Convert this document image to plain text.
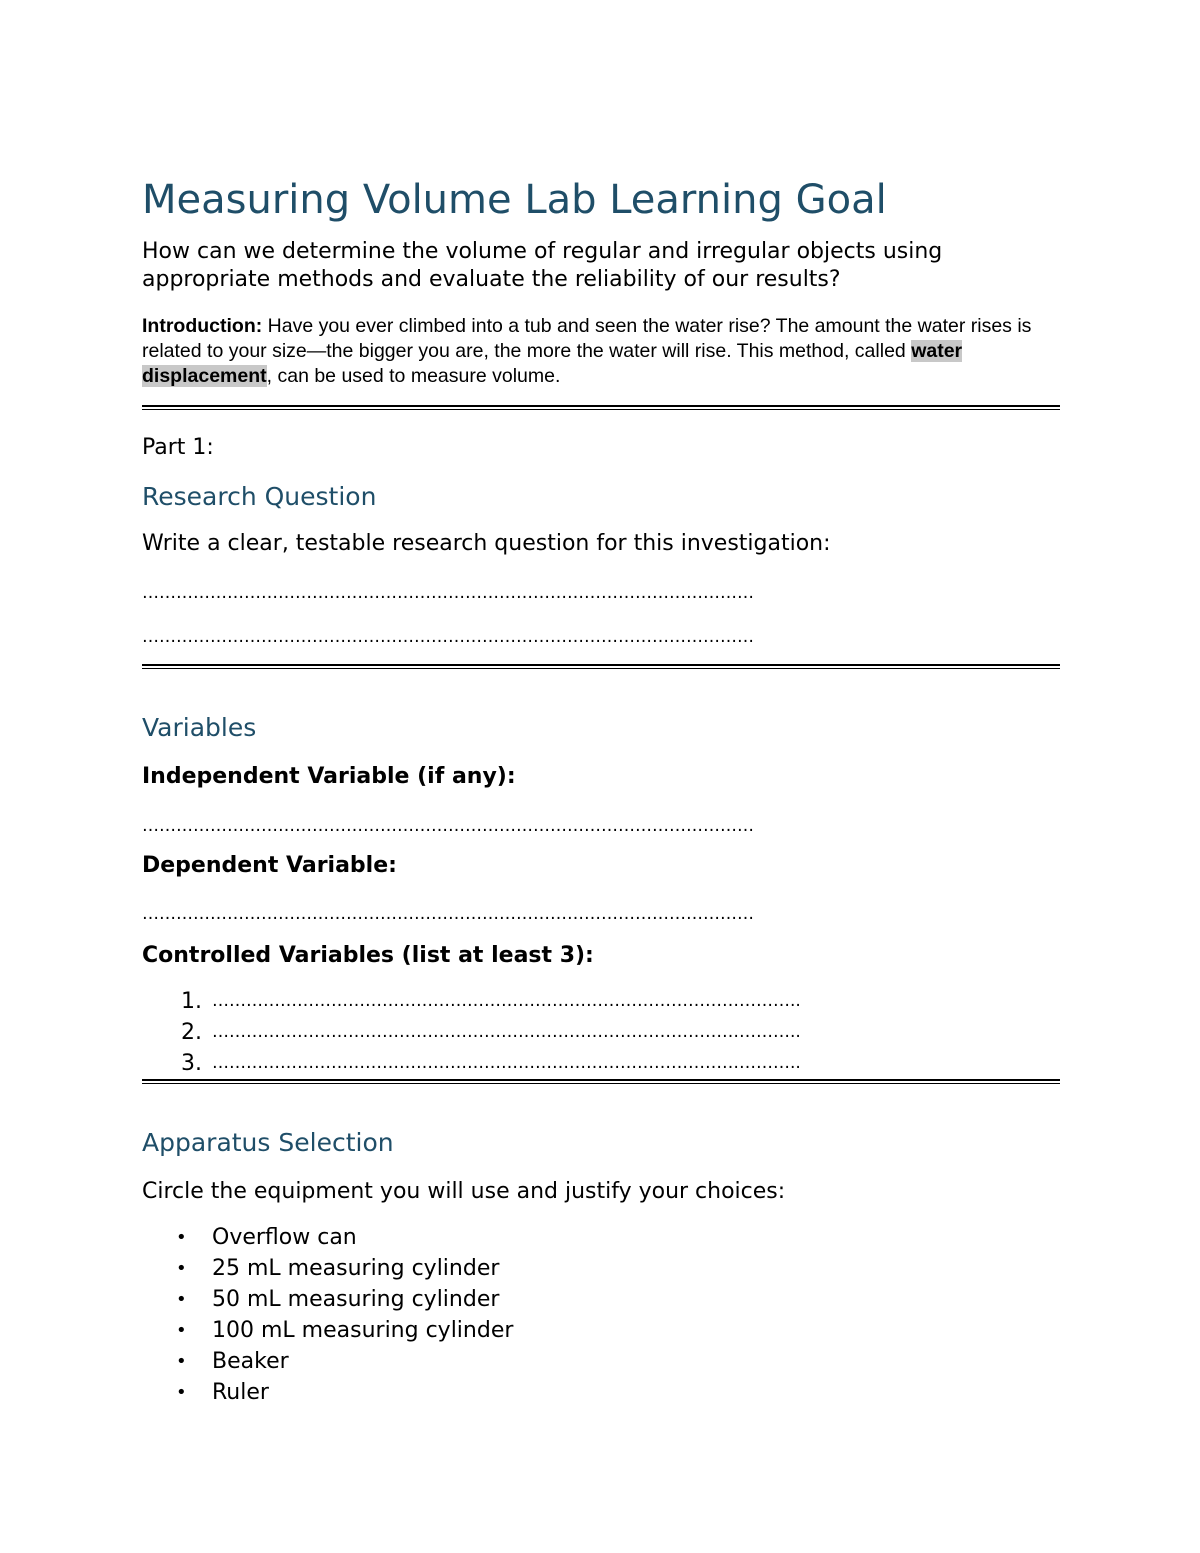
Measuring Volume Lab Learning Goal

How can we determine the volume of regular and irregular objects using appropriate methods and evaluate the reliability of our results?

Introduction: Have you ever climbed into a tub and seen the water rise? The amount the water rises is related to your size—the bigger you are, the more the water will rise. This method, called water displacement, can be used to measure volume.

Part 1:

Research Question

Write a clear, testable research question for this investigation:

………………………………………………………………………………………………

………………………………………………………………………………………………

Variables

Independent Variable (if any):

………………………………………………………………………………………………

Dependent Variable:

………………………………………………………………………………………………

Controlled Variables (list at least 3):

1. …………………………………………………………………………………………..
2. …………………………………………………………………………………………..
3. …………………………………………………………………………………………..
Apparatus Selection

Circle the equipment you will use and justify your choices:

• Overflow can
• 25 mL measuring cylinder
• 50 mL measuring cylinder
• 100 mL measuring cylinder
• Beaker
• Ruler
